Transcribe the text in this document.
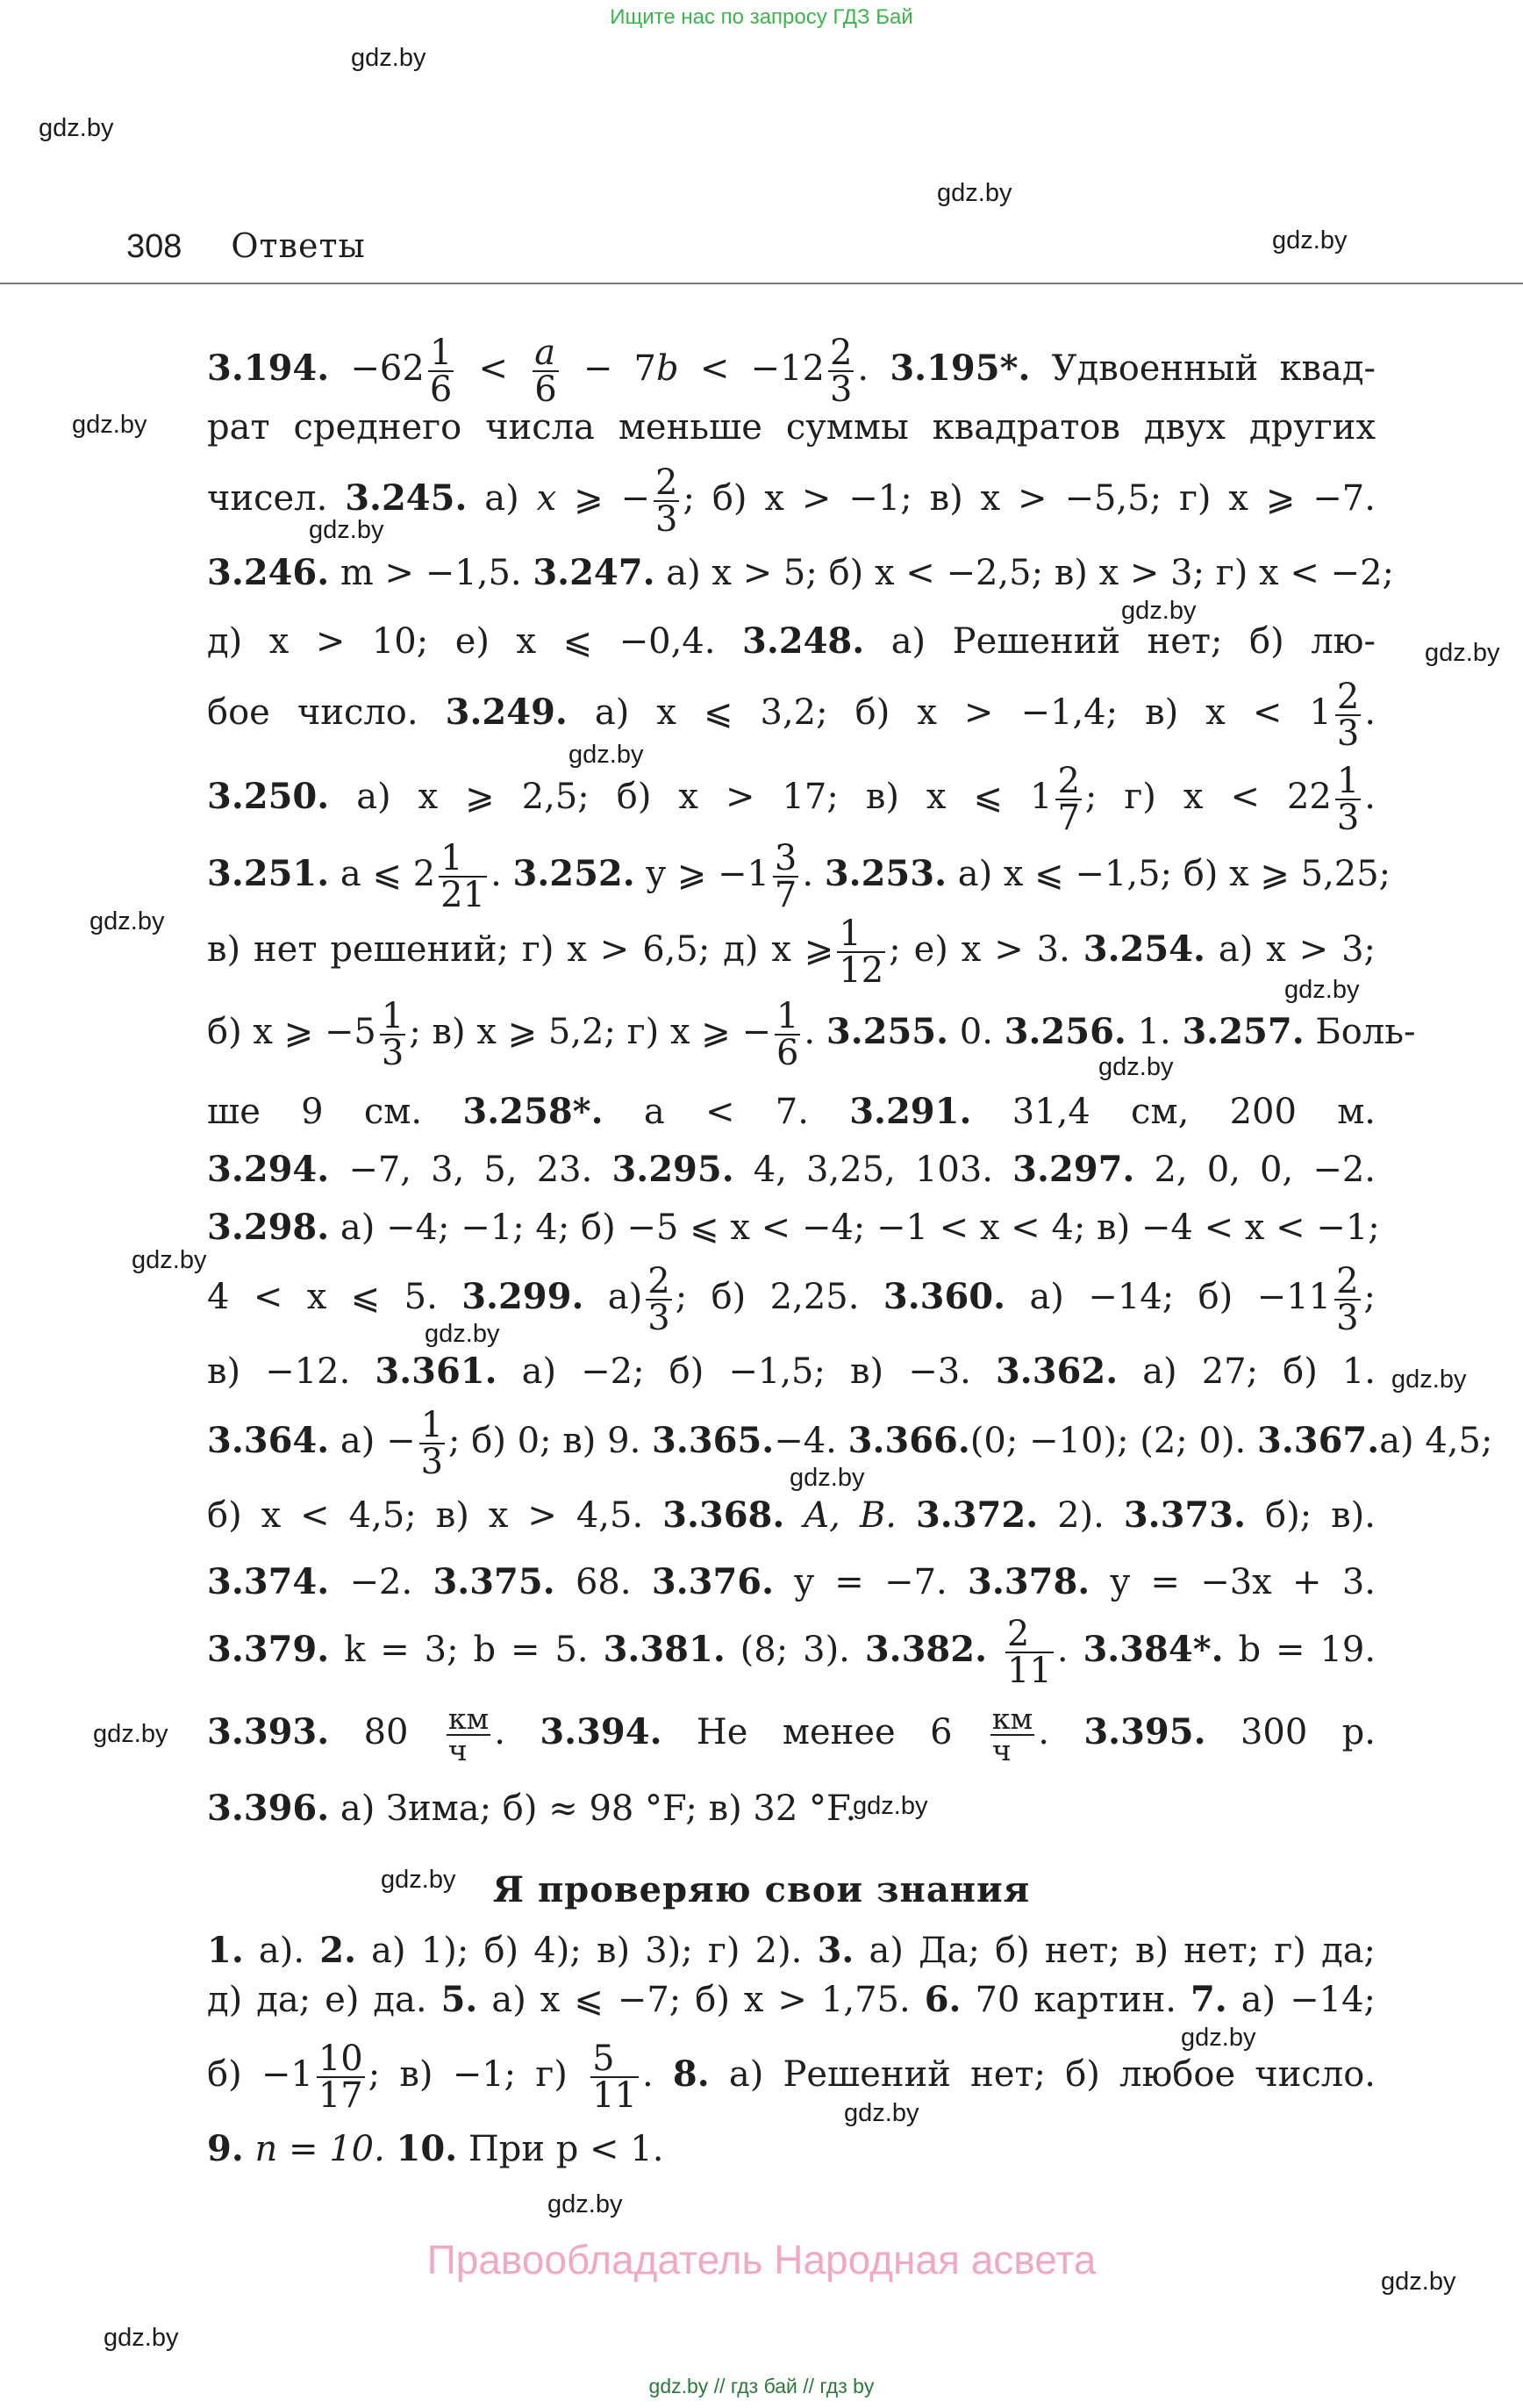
Ищите нас по запросу ГДЗ Бай
gdz.by
gdz.by
gdz.by
gdz.by
gdz.by
gdz.by
gdz.by
gdz.by
gdz.by
gdz.by
gdz.by
gdz.by
gdz.by
gdz.by
gdz.by
gdz.by
gdz.by
gdz.by
gdz.by
gdz.by
gdz.by
gdz.by
gdz.by
gdz.by
308 Ответы
3.194. $-62 \frac{1}{6} < \frac{a}{6} - 7b < -12 \frac{2}{3}$ . 3.195*. Удвоенный квад-
рат среднего числа меньше суммы квадратов двух других
чисел. 3.245. а) x ⩾ − $\frac{2}{3}$ ; б) x > −1; в) x > −5,5; г) x ⩾ −7.
3.246. m > −1,5. 3.247. а) x > 5; б) x < −2,5; в) x > 3; г) x < −2;
д) x > 10; е) x ⩽ −0,4. 3.248. а) Решений нет; б) лю-
бое число. 3.249. а) x ⩽ 3,2; б) x > −1,4; в) $x < 1 \frac{2}{3}$ .
3.250. а) x ⩾ 2,5; б) x > 17; в) x ⩽ $1 \frac{2}{7}$ ; г) $x < 22 \frac{1}{3}$ .
3.251. a ⩽ $2 \frac{1}{21}$ . 3.252. y ⩾ $-1 \frac{3}{7}$ . 3.253. а) x ⩽ −1,5; б) x ⩾ 5,25;
в) нет решений; г) x > 6,5; д) x ⩾ $\frac{1}{12}$ ; е) x > 3. 3.254. а) x > 3;
б) x ⩾ $-5 \frac{1}{3}$ ; в) x ⩾ 5,2; г) x ⩾ − $\frac{1}{6}$ . 3.255. 0. 3.256. 1. 3.257. Боль-
ше 9 см. 3.258*. a < 7. 3.291. 31,4 см, 200 м.
3.294. −7, 3, 5, 23. 3.295. 4, 3,25, 103. 3.297. 2, 0, 0, −2.
3.298. а) −4; −1; 4; б) −5 ⩽ x < −4; −1 < x < 4; в) −4 < x < −1;
4 < x ⩽ 5. 3.299. $а) \frac{2}{3}$ ; б) 2,25. 3.360. а) −14; $б) -11 \frac{2}{3}$ ;
в) −12. 3.361. а) −2; б) −1,5; в) −3. 3.362. а) 27; б) 1.
3.364. $а) - \frac{1}{3}$ ; б) 0; в) 9. 3.365.−4. 3.366.(0; −10); (2; 0). 3.367.а) 4,5;
б) x < 4,5; в) x > 4,5. 3.368. A, B. 3.372. 2). 3.373. б); в).
3.374. −2. 3.375. 68. 3.376. y = −7. 3.378. y = −3x + 3.
3.379. k = 3; b = 5. 3.381. (8; 3). 3.382. $\frac{2}{11}$ . 3.384*. b = 19.
3.393. 80 км
ч . 3.394. Не менее 6 км
ч . 3.395. 300 р.
3.396. а) Зима; б) ≈ 98 °F; в) 32 °F.
Я проверяю свои знания
1. а). 2. а) 1); б) 4); в) 3); г) 2). 3. а) Да; б) нет; в) нет; г) да;
д) да; е) да. 5. а) x ⩽ −7; б) x > 1,75. 6. 70 картин. 7. а) −14;
$б) -1 \frac{10}{17}$ ; в) −1; $г) \frac{5}{11}$ . 8. а) Решений нет; б) любое число.
9. n = 10. 10. При p < 1.
Правообладатель Народная асвета
gdz.by // гдз бай // гдз by
